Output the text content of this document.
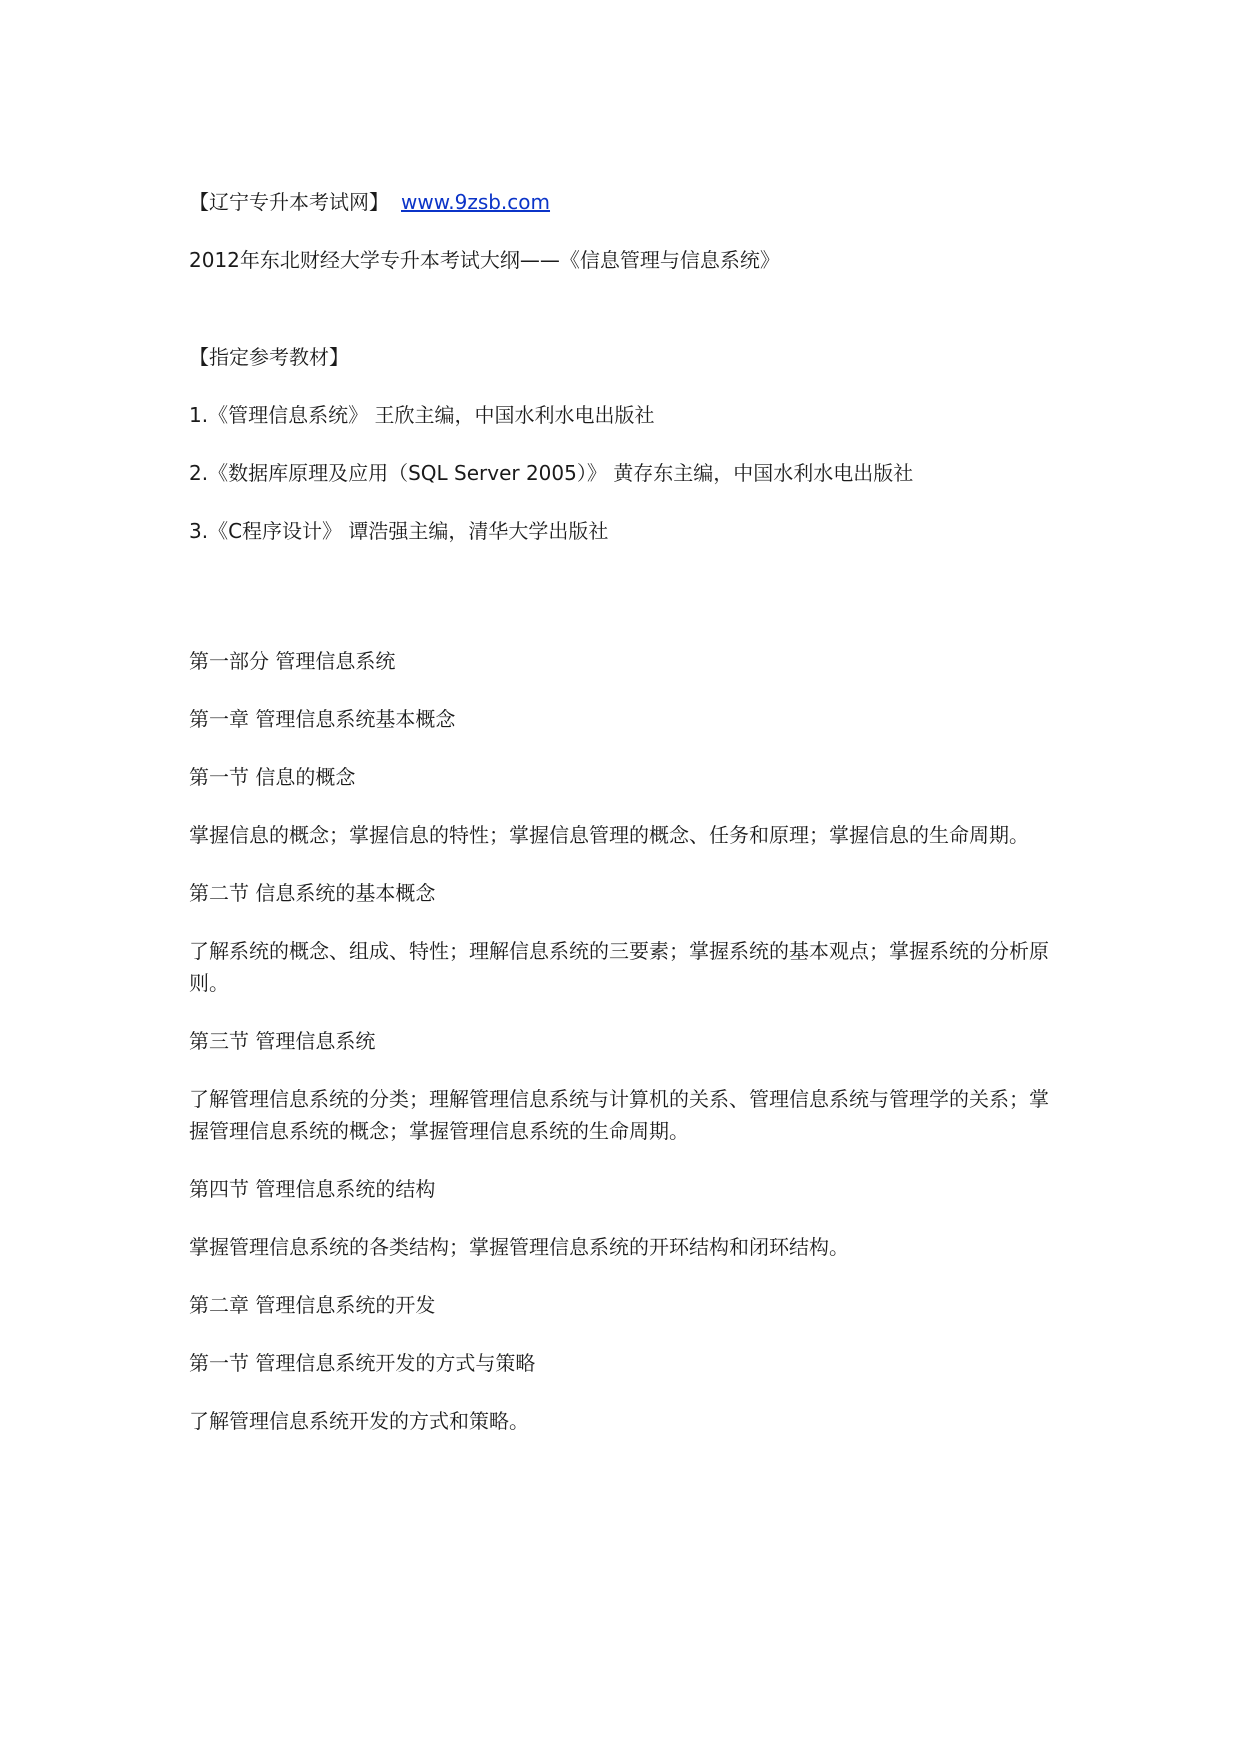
【辽宁专升本考试网】 www.9zsb.com

2012年东北财经大学专升本考试大纲——《信息管理与信息系统》

【指定参考教材】

1.《管理信息系统》 王欣主编，中国水利水电出版社

2.《数据库原理及应用（SQL Server 2005）》 黄存东主编，中国水利水电出版社

3.《C程序设计》 谭浩强主编，清华大学出版社

第一部分 管理信息系统

第一章 管理信息系统基本概念

第一节 信息的概念

掌握信息的概念；掌握信息的特性；掌握信息管理的概念、任务和原理；掌握信息的生命周期。

第二节 信息系统的基本概念

了解系统的概念、组成、特性；理解信息系统的三要素；掌握系统的基本观点；掌握系统的分析原则。

第三节 管理信息系统

了解管理信息系统的分类；理解管理信息系统与计算机的关系、管理信息系统与管理学的关系；掌握管理信息系统的概念；掌握管理信息系统的生命周期。

第四节 管理信息系统的结构

掌握管理信息系统的各类结构；掌握管理信息系统的开环结构和闭环结构。

第二章 管理信息系统的开发

第一节 管理信息系统开发的方式与策略

了解管理信息系统开发的方式和策略。
